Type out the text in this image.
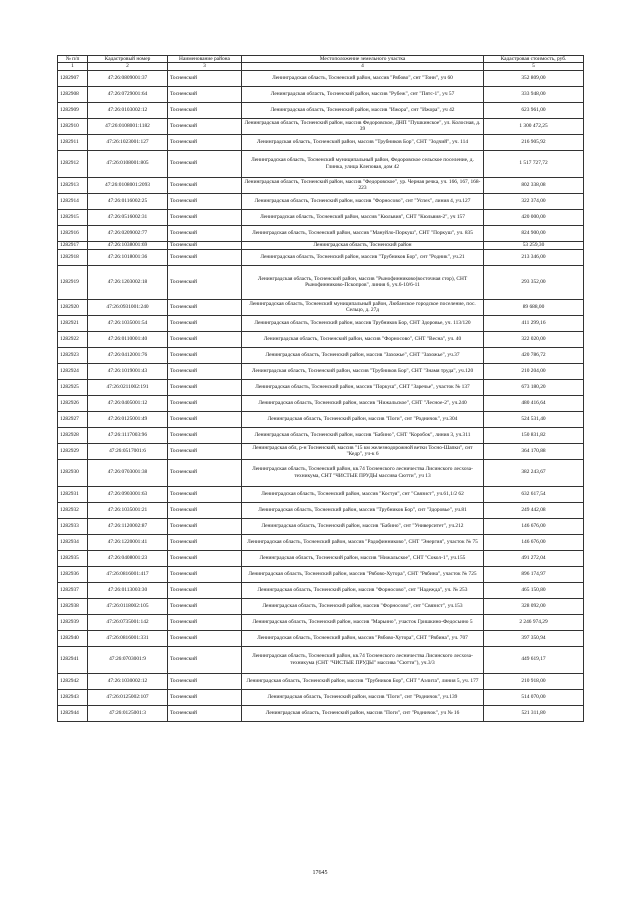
№ п/п	Кадастровый номер	Наименование района	Местоположение земельного участка	Кадастровая стоимость, руб.
1	2	3	4	5
1282907	47:26:0809001:37	Тосненский	Ленинградская область, Тосненский район, массив "Рябово", снт "Тонн", уч 60	352 809,00
1282908	47:26:0729001:64	Тосненский	Ленинградская область, Тосненский район, массив "Рубеж", снт "Пятс-1", уч 57	333 948,00
1282909	47:26:0103002:12	Тосненский	Ленинградская область, Тосненский район, массив "Ижора", снт "Ижора", уч 42	623 961,00
1282910	47:26:0108001:1182	Тосненский	Ленинградская область, Тосненский район, массив Федоровское, ДНП "Пушкинское", ул. Колосная, д. 39	1 300 472,25
1282911	47:26:1023001:127	Тосненский	Ленинградская область, Тосненский район, массив "Трубников Бор", СНТ "Зодчий", уч. 114	216 905,92
1282912	47:26:0108001:805	Тосненский	Ленинградская область, Тосненский муниципальный район, Федоровское сельское поселение, д. Глинка, улица Клеповая, дом 42	1 517 727,72
1282913	47:26:0108001:2093	Тосненский	Ленинградская область, Тосненский район, массив "Федоровское", ур. Черная речка, уч. 166, 167, 168-223	802 338,08
1282914	47:26:0116002:25	Тосненский	Ленинградская область, Тосненский район, массив "Форносово", снт "Успех", линия 4, уч.127	322 374,00
1282915	47:26:0516002:31	Тосненский	Ленинградская область, Тосненский район, массив "Кюльвия", СНТ "Кюльвия-2", уч 157	420 000,00
1282916	47:26:0209002:77	Тосненский	Ленинградская область, Тосненский район, массив "Мануйло-Поркуш", СНТ "Поркуш", уч. 835	824 900,00
1282917	47:26:1038001:69	Тосненский	Ленинградская область, Тосненский район	53 259,30
1282918	47:26:1018001:36	Тосненский	Ленинградская область, Тосненский район, массив "Трубников Бор", снт "Родник", уч.21	213 346,00
1282919	47:26:1203002:18	Тосненский	Ленинградская область, Тосненский район, массив "Рынофинниково(восточная стор), СНТ Рынофинниково-Пскопров", линия 6, уч.6-10/6-11	293 352,00
1282920	47:26:0931001:240	Тосненский	Ленинградская область, Тосненский муниципальный район, Любанское городское поселение, пос. Сельцо, д. 27д	89 688,00
1282921	47:26:1035001:54	Тосненский	Ленинградская область, Тосненский район, массив Трубников Бор, СНТ Здоровье, уч. 113/120	411 299,16
1282922	47:26:0110001:40	Тосненский	Ленинградская область, Тосненский район, массив "Форносово", СНТ "Весна", уч. 40	322 020,00
1282923	47:26:0412001:76	Тосненский	Ленинградская область, Тосненский район, массив "Захожье", СНТ "Захожье", уч.37	420 786,72
1282924	47:26:1019001:43	Тосненский	Ленинградская область, Тосненский район, массив "Трубников Бор", СНТ "Знамя труда", уч.120	210 204,00
1282925	47:26:0211002:191	Тосненский	Ленинградская область, Тосненский район, массив "Поркуш", СНТ "Заречье", участок № 137	673 180,20
1282926	47:26:0405001:12	Тосненский	Ленинградская область, Тосненский район, массив "Нижальское", СНТ "Лесное-2", уч.240	480 416,64
1282927	47:26:0125001:49	Тосненский	Ленинградская область, Тосненский район, массив "Поги", снт "Родничок", уч.304	524 531,40
1282928	47:26:1117003:96	Тосненский	Ленинградская область, Тосненский район, массив "Бабино", СНТ "Коробок", линия 3, уч.311	150 831,82
1282929	47:26:0517001:6	Тосненский	Ленинградская обл, р-н Тосненский, массив "15 км железнодорожной ветки Тосно-Шапки", снт "Кедр", уч-к 6	364 170,88
1282930	47:26:0703001:38	Тосненский	Ленинградская область, Тосненский район, кв.74 Тосненского лесничества Лисинского лесхоза-техникума, СНТ "ЧИСТЫЕ ПРУДЫ массива Сютти", уч 13	382 243,67
1282931	47:26:0903001:63	Тосненский	Ленинградская область, Тосненский район, массив "Костуя", снт "Связист", уч.61,1/2 62	632 617,54
1282932	47:26:1035001:21	Тосненский	Ленинградская область, Тосненский район, массив "Трубников Бор", снт "Здоровье", уч.81	249 442,08
1282933	47:26:1120002:87	Тосненский	Ленинградская область, Тосненский район, массив "Бабино", снт "Университет", уч.212	146 676,00
1282934	47:26:1220001:41	Тосненский	Ленинградская область, Тосненский район, массив "Радофинниково", СНТ "Энергия", участок № 75	146 676,00
1282935	47:26:0408001:23	Тосненский	Ленинградская область, Тосненский район, массив "Нижальское", СНТ "Сокол-1", уч.155	491 272,04
1282936	47:26:0816001:417	Тосненский	Ленинградская область, Тосненский район, массив "Рябово-Хутора", СНТ "Рябина", участок № 725	896 174,97
1282937	47:26:0113003:30	Тосненский	Ленинградская область, Тосненский район, массив "Форносово", снт "Надежда", уч. № 253	465 150,80
1282938	47:26:0118002:105	Тосненский	Ленинградская область, Тосненский район, массив "Форносово", снт "Связист", уч.153	328 092,00
1282939	47:26:0735001:142	Тосненский	Ленинградская область, Тосненский район, массив "Марьино", участок Гришкино-Федосьино 5	2 246 974,29
1282940	47:26:0816001:331	Тосненский	Ленинградская область, Тосненский район, массив "Рябово-Хутора", СНТ "Рябина", уч. 707	397 350,94
1282941	47:26:0703001:9	Тосненский	Ленинградская область, Тосненский район, кв.74 Тосненского лесничества Лисинского лесхоза-техникума (СНТ "ЧИСТЫЕ ПРУДЫ" массива "Сютти"), уч.3/3	449 619,17
1282942	47:26:1030002:12	Тосненский	Ленинградская область, Тосненский район, массив "Трубников Бор", СНТ "Аэлита", линия 5, уч. 177	210 918,00
1282943	47:26:0125002:107	Тосненский	Ленинградская область, Тосненский район, массив "Поги", снт "Родничок", уч.139	514 070,00
1282944	47:26:0125001:3	Тосненский	Ленинградская область, Тосненский район, массив "Поги", снт "Родничок", уч № 16	521 311,80
17645
